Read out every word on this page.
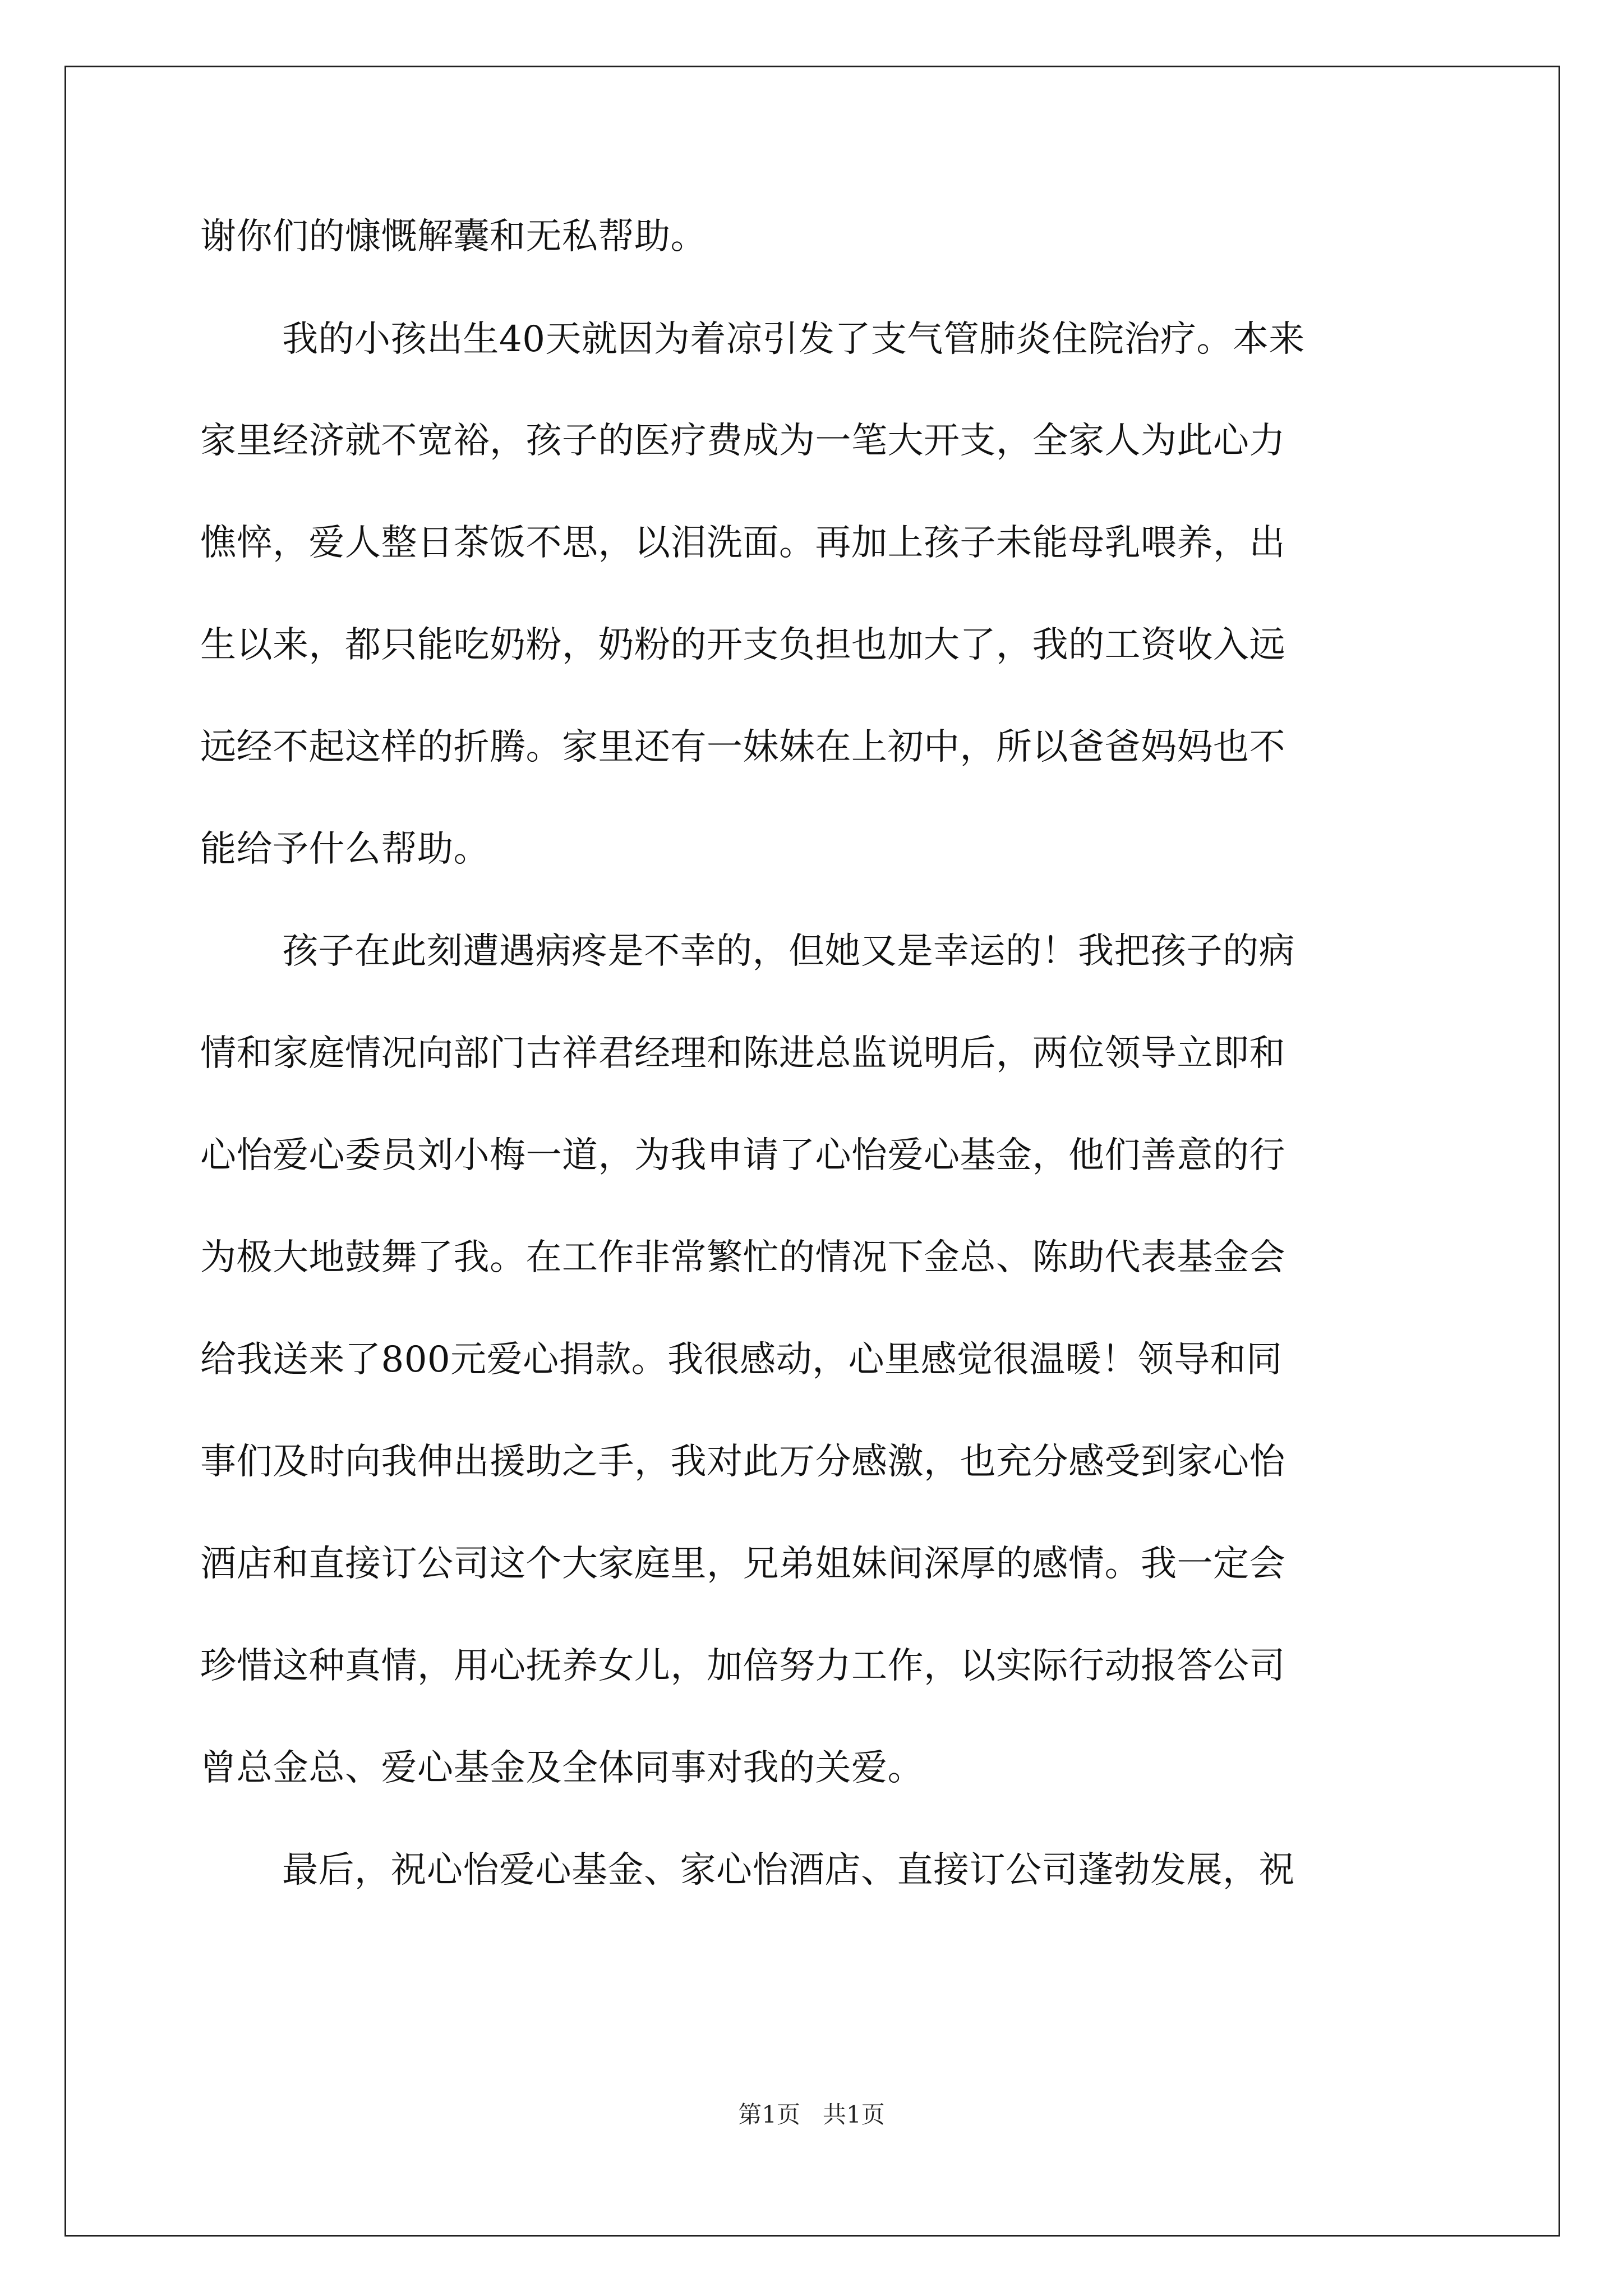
谢你们的慷慨解囊和无私帮助。
我的小孩出生40天就因为着凉引发了支气管肺炎住院治疗。本来
家里经济就不宽裕，孩子的医疗费成为一笔大开支，全家人为此心力
憔悴，爱人整日茶饭不思，以泪洗面。再加上孩子未能母乳喂养，出
生以来，都只能吃奶粉，奶粉的开支负担也加大了，我的工资收入远
远经不起这样的折腾。家里还有一妹妹在上初中，所以爸爸妈妈也不
能给予什么帮助。
孩子在此刻遭遇病疼是不幸的，但她又是幸运的！我把孩子的病
情和家庭情况向部门古祥君经理和陈进总监说明后，两位领导立即和
心怡爱心委员刘小梅一道，为我申请了心怡爱心基金，他们善意的行
为极大地鼓舞了我。在工作非常繁忙的情况下金总、陈助代表基金会
给我送来了800元爱心捐款。我很感动，心里感觉很温暖！领导和同
事们及时向我伸出援助之手，我对此万分感激，也充分感受到家心怡
酒店和直接订公司这个大家庭里，兄弟姐妹间深厚的感情。我一定会
珍惜这种真情，用心抚养女儿，加倍努力工作，以实际行动报答公司
曾总金总、爱心基金及全体同事对我的关爱。
最后，祝心怡爱心基金、家心怡酒店、直接订公司蓬勃发展，祝
第1页 共1页
